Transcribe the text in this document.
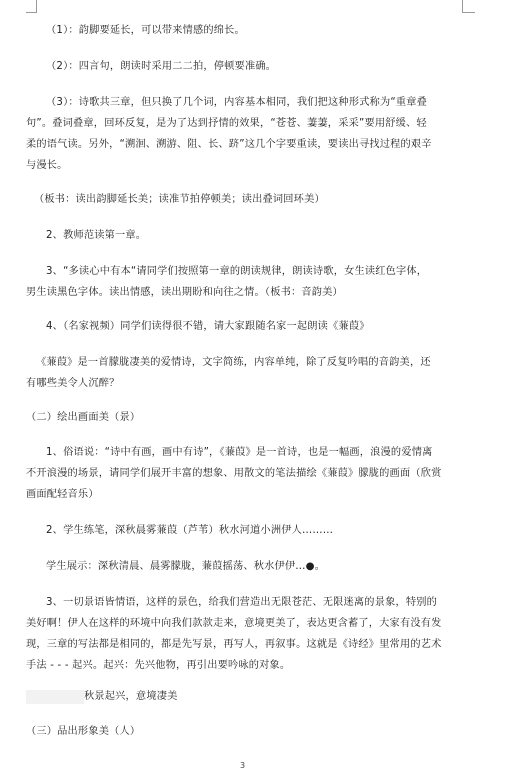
（1）：韵脚要延长，可以带来情感的绵长。
（2）：四言句，朗读时采用二二拍，停顿要准确。
（3）：诗歌共三章，但只换了几个词，内容基本相同，我们把这种形式称为“重章叠
句”。叠词叠章，回环反复，是为了达到抒情的效果，“苍苍、萋萋，采采”要用舒缓、轻
柔的语气读。另外，“溯洄、溯游、阻、长、跻”这几个字要重读，要读出寻找过程的艰辛
与漫长。
（板书：读出韵脚延长美；读准节拍停顿美；读出叠词回环美）
2、教师范读第一章。
3、“多读心中有本“请同学们按照第一章的朗读规律，朗读诗歌，女生读红色字体，
男生读黑色字体。读出情感，读出期盼和向往之情。（板书：音韵美）
4、（名家视频）同学们读得很不错，请大家跟随名家一起朗读《蒹葭》
《蒹葭》是一首朦胧凄美的爱情诗，文字简练，内容单纯，除了反复吟唱的音韵美，还
有哪些美令人沉醉？
（二）绘出画面美（景）
1、俗语说：“诗中有画，画中有诗”，《蒹葭》是一首诗，也是一幅画，浪漫的爱情离
不开浪漫的场景，请同学们展开丰富的想象、用散文的笔法描绘《蒹葭》朦胧的画面（欣赏
画面配轻音乐）
2、学生练笔，深秋晨雾蒹葭（芦苇）秋水河道小洲伊人………
学生展示：深秋清晨、晨雾朦胧，蒹葭摇荡、秋水伊伊…●。
3、一切景语皆情语，这样的景色，给我们营造出无限苍茫、无限迷离的景象，特别的
美好啊！伊人在这样的环境中向我们款款走来，意境更美了，表达更含蓄了，大家有没有发
现，三章的写法都是相同的，都是先写景，再写人，再叙事。这就是《诗经》里常用的艺术
手法 - - - 起兴。起兴：先兴他物，再引出要吟咏的对象。
秋景起兴，意境凄美
（三）品出形象美（人）
3
